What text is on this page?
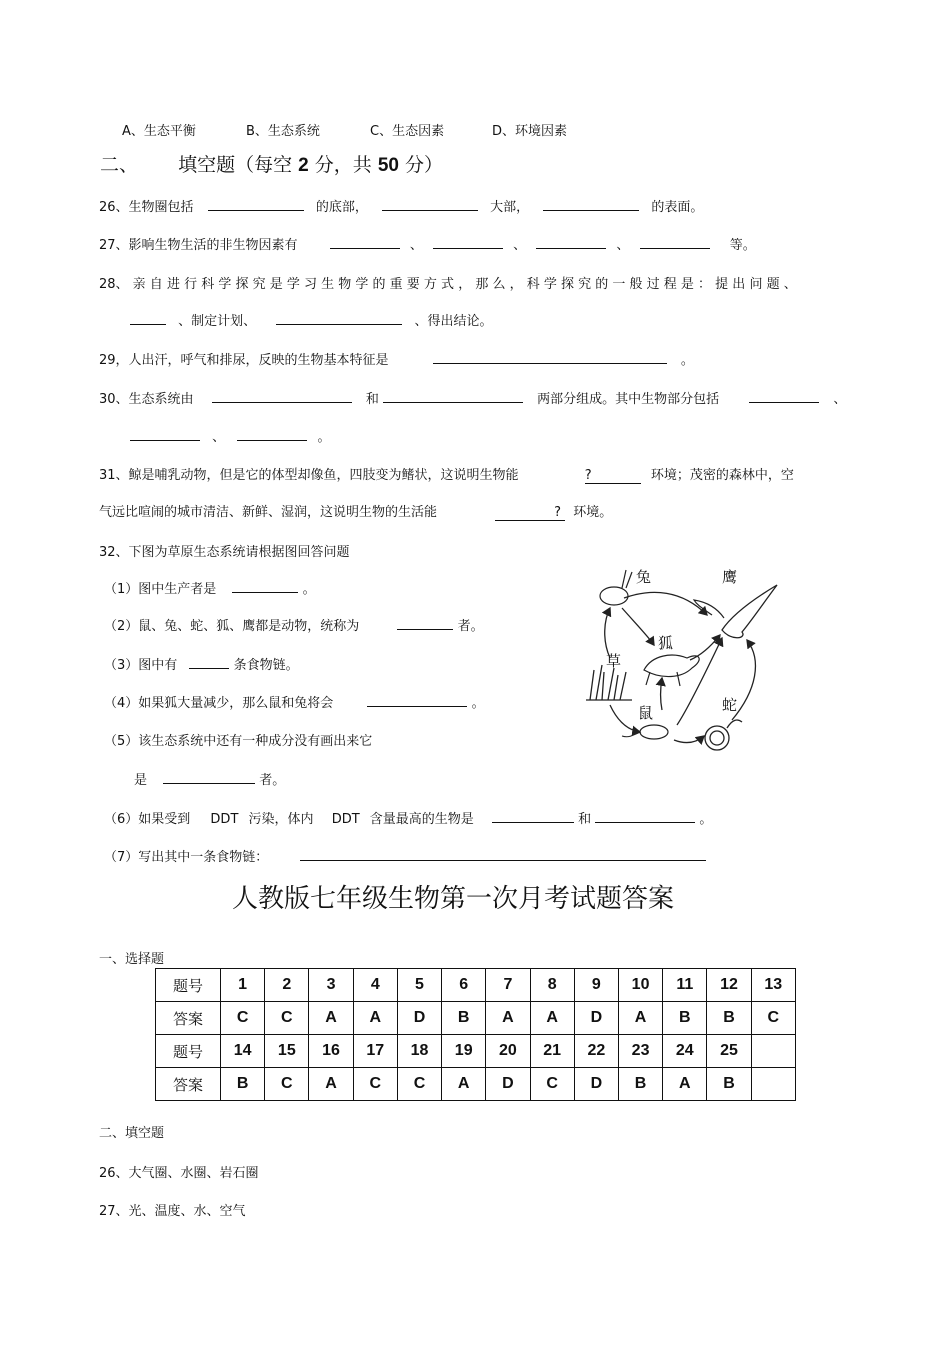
A、生态平衡	B、生态系统	C、生态因素	D、环境因素
二、 填空题（每空 2 分，共 50 分）
26、生物圈包括	的底部，	大部，	的表面。
27、影响生物生活的非生物因素有	、	、	、	等。
28、 亲 自 进 行 科 学 探 究 是 学 习 生 物 学 的 重 要 方 式 ， 那 么 ， 科 学 探 究 的 一 般 过 程 是 ： 提 出 问 题 、
、制定计划、	、得出结论。
29，人出汗，呼气和排尿，反映的生物基本特征是	。
30、生态系统由	和	两部分组成。其中生物部分包括	、
、	。
31、鲸是哺乳动物，但是它的体型却像鱼，四肢变为鳍状，这说明生物能	?	环境；茂密的森林中，空
气远比喧闹的城市清洁、新鲜、湿润，这说明生物的生活能	? 环境。
32、下图为草原生态系统请根据图回答问题
（1）图中生产者是	。
（2）鼠、兔、蛇、狐、鹰都是动物，统称为	者。
（3）图中有	条食物链。
（4）如果狐大量减少，那么鼠和兔将会	。
（5）该生态系统中还有一种成分没有画出来它
是	者。
（6）如果受到 DDT 污染，体内 DDT 含量最高的生物是	和	。
（7）写出其中一条食物链：
兔	鹰
狐
草
鼠	蛇
人教版七年级生物第一次月考试题答案
一、选择题
题号	1	2	3	4	5	6	7	8	9	10	11	12	13
答案	C	C	A	A	D	B	A	A	D	A	B	B	C
题号	14	15	16	17	18	19	20	21	22	23	24	25	
答案	B	C	A	C	C	A	D	C	D	B	A	B	
二、填空题
26、大气圈、水圈、岩石圈
27、光、温度、水、空气
